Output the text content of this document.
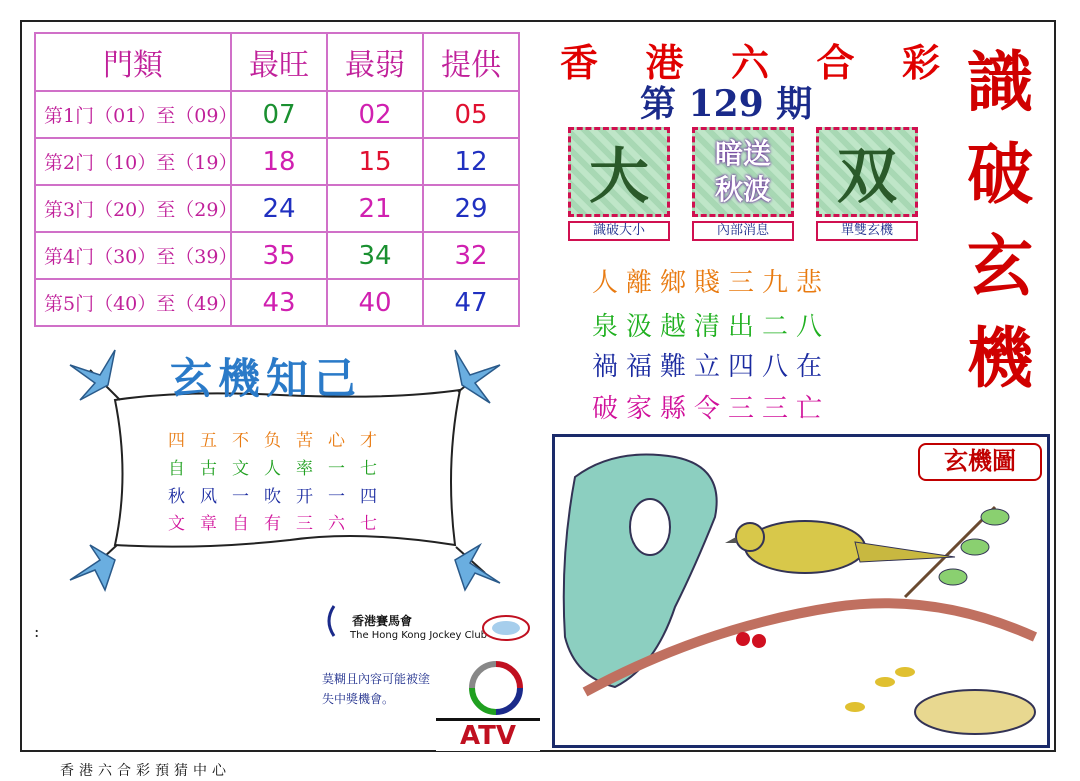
門類	最旺	最弱	提供
第1门（01）至（09）	07	02	05
第2门（10）至（19）	18	15	12
第3门（20）至（29）	24	21	29
第4门（30）至（39）	35	34	32
第5门（40）至（49）	43	40	47
香 港 六 合 彩
第 129 期 識
破
玄
機
大
識破大小
暗送
秋波
內部消息
双
單雙玄機
人離鄉賤三九悲
泉汲越清出二八
禍福難立四八在
破家縣令三三亡
玄機知己
四五不负苦心才
自古文人率一七
秋风一吹开一四
文章自有三六七
香港賽馬會
The Hong Kong Jockey Club
莫糊且內容可能被塗
失中獎機會。
ATV
:
玄機圖
香港六合彩預猜中心
